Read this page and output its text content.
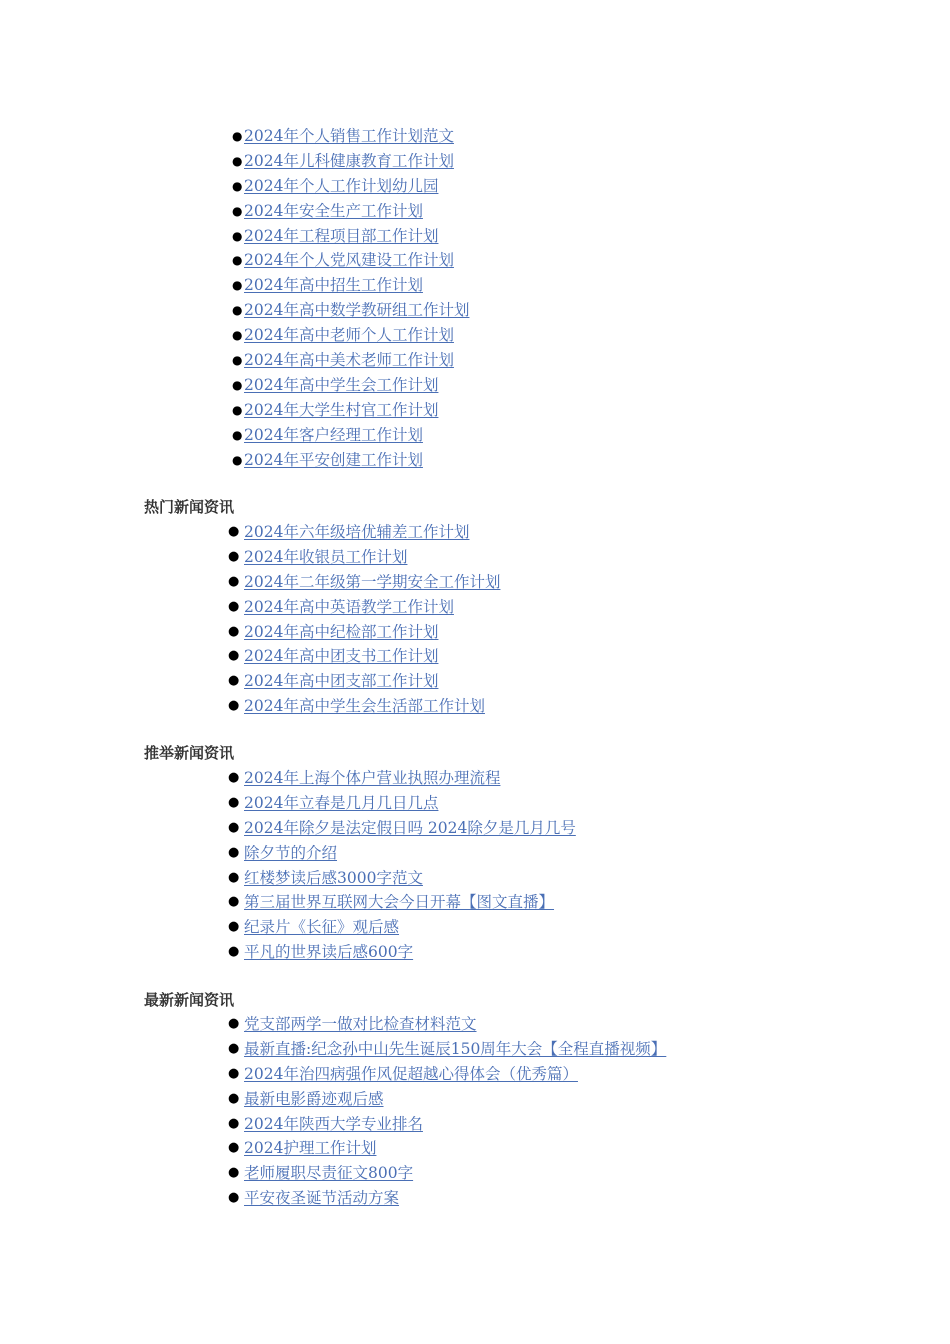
●2024年个人销售工作计划范文
●2024年儿科健康教育工作计划
●2024年个人工作计划幼儿园
●2024年安全生产工作计划
●2024年工程项目部工作计划
●2024年个人党风建设工作计划
●2024年高中招生工作计划
●2024年高中数学教研组工作计划
●2024年高中老师个人工作计划
●2024年高中美术老师工作计划
●2024年高中学生会工作计划
●2024年大学生村官工作计划
●2024年客户经理工作计划
●2024年平安创建工作计划
热门新闻资讯
● 2024年六年级培优辅差工作计划
● 2024年收银员工作计划
● 2024年二年级第一学期安全工作计划
● 2024年高中英语教学工作计划
● 2024年高中纪检部工作计划
● 2024年高中团支书工作计划
● 2024年高中团支部工作计划
● 2024年高中学生会生活部工作计划
推举新闻资讯
● 2024年上海个体户营业执照办理流程
● 2024年立春是几月几日几点
● 2024年除夕是法定假日吗 2024除夕是几月几号
● 除夕节的介绍
● 红楼梦读后感3000字范文
● 第三届世界互联网大会今日开幕【图文直播】
● 纪录片《长征》观后感
● 平凡的世界读后感600字
最新新闻资讯
● 党支部两学一做对比检查材料范文
● 最新直播:纪念孙中山先生诞辰150周年大会【全程直播视频】
● 2024年治四病强作风促超越心得体会（优秀篇）
● 最新电影爵迹观后感
● 2024年陕西大学专业排名
● 2024护理工作计划
● 老师履职尽责征文800字
● 平安夜圣诞节活动方案
